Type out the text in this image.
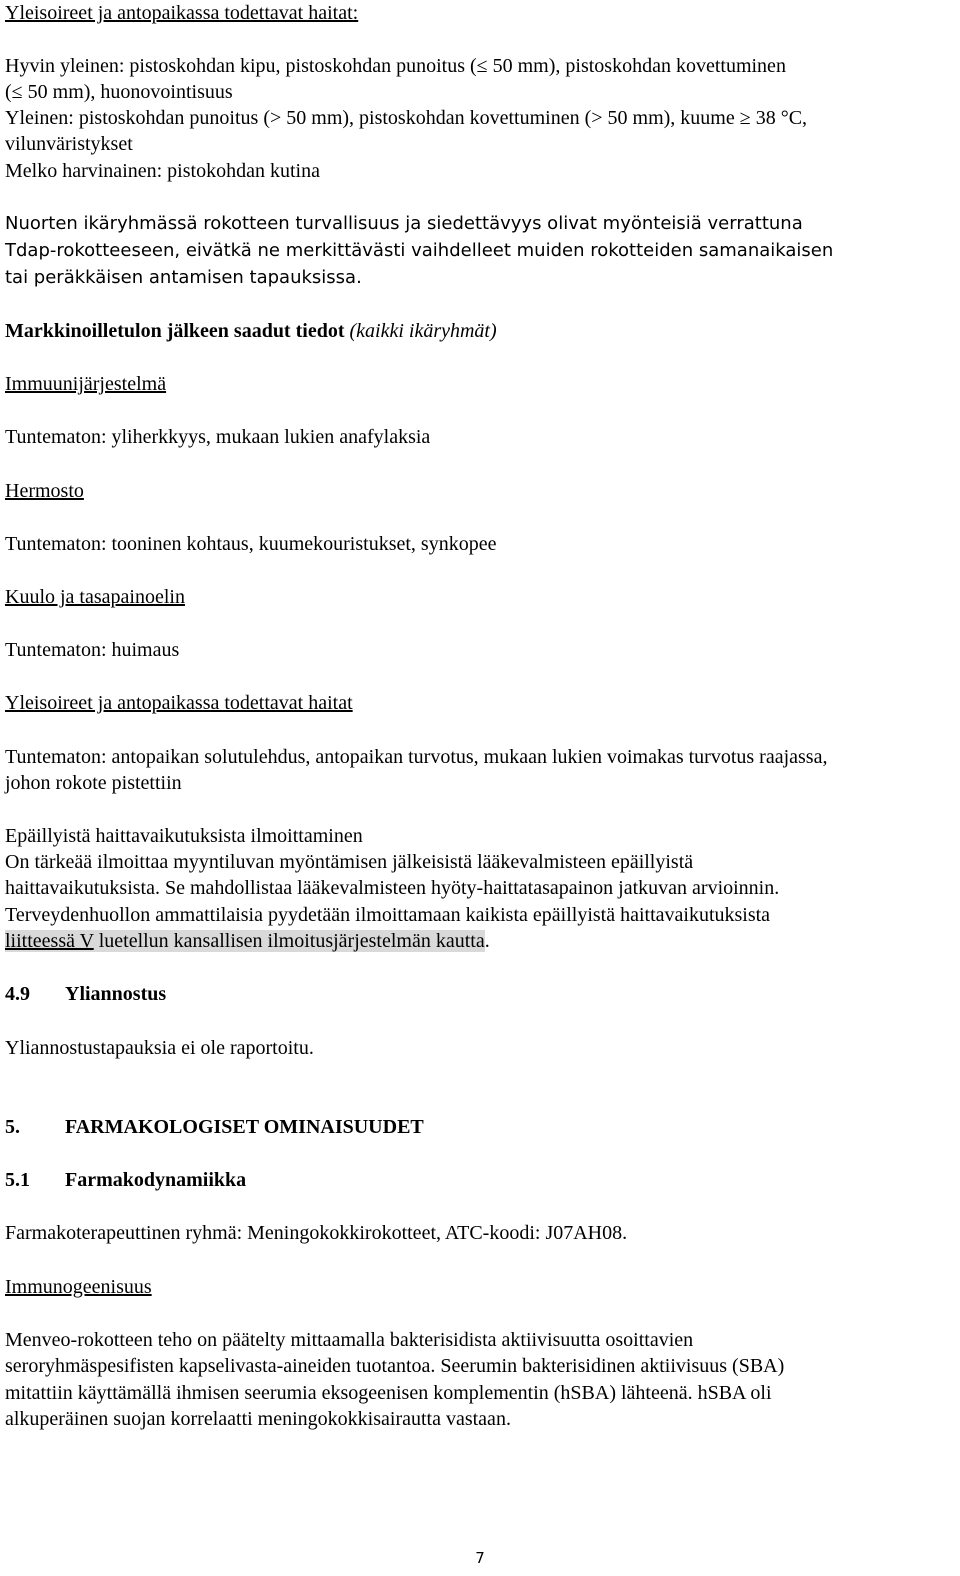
Yleisoireet ja antopaikassa todettavat haitat:
Hyvin yleinen: pistoskohdan kipu, pistoskohdan punoitus (≤ 50 mm), pistoskohdan kovettuminen
(≤ 50 mm), huonovointisuus
Yleinen: pistoskohdan punoitus (> 50 mm), pistoskohdan kovettuminen (> 50 mm), kuume ≥ 38 °C,
vilunväristykset
Melko harvinainen: pistokohdan kutina
Nuorten ikäryhmässä rokotteen turvallisuus ja siedettävyys olivat myönteisiä verrattuna
Tdap-rokotteeseen, eivätkä ne merkittävästi vaihdelleet muiden rokotteiden samanaikaisen
tai peräkkäisen antamisen tapauksissa.
Markkinoilletulon jälkeen saadut tiedot (kaikki ikäryhmät)
Immuunijärjestelmä
Tuntematon: yliherkkyys, mukaan lukien anafylaksia
Hermosto
Tuntematon: tooninen kohtaus, kuumekouristukset, synkopee
Kuulo ja tasapainoelin
Tuntematon: huimaus
Yleisoireet ja antopaikassa todettavat haitat
Tuntematon: antopaikan solutulehdus, antopaikan turvotus, mukaan lukien voimakas turvotus raajassa,
johon rokote pistettiin
Epäillyistä haittavaikutuksista ilmoittaminen
On tärkeää ilmoittaa myyntiluvan myöntämisen jälkeisistä lääkevalmisteen epäillyistä
haittavaikutuksista. Se mahdollistaa lääkevalmisteen hyöty-haittatasapainon jatkuvan arvioinnin.
Terveydenhuollon ammattilaisia pyydetään ilmoittamaan kaikista epäillyistä haittavaikutuksista
liitteessä V luetellun kansallisen ilmoitusjärjestelmän kautta.
4.9 Yliannostus
Yliannostustapauksia ei ole raportoitu.
5. FARMAKOLOGISET OMINAISUUDET
5.1 Farmakodynamiikka
Farmakoterapeuttinen ryhmä: Meningokokkirokotteet, ATC-koodi: J07AH08.
Immunogeenisuus
Menveo-rokotteen teho on päätelty mittaamalla bakterisidista aktiivisuutta osoittavien
seroryhmäspesifisten kapselivasta-aineiden tuotantoa. Seerumin bakterisidinen aktiivisuus (SBA)
mitattiin käyttämällä ihmisen seerumia eksogeenisen komplementin (hSBA) lähteenä. hSBA oli
alkuperäinen suojan korrelaatti meningokokkisairautta vastaan.
7
